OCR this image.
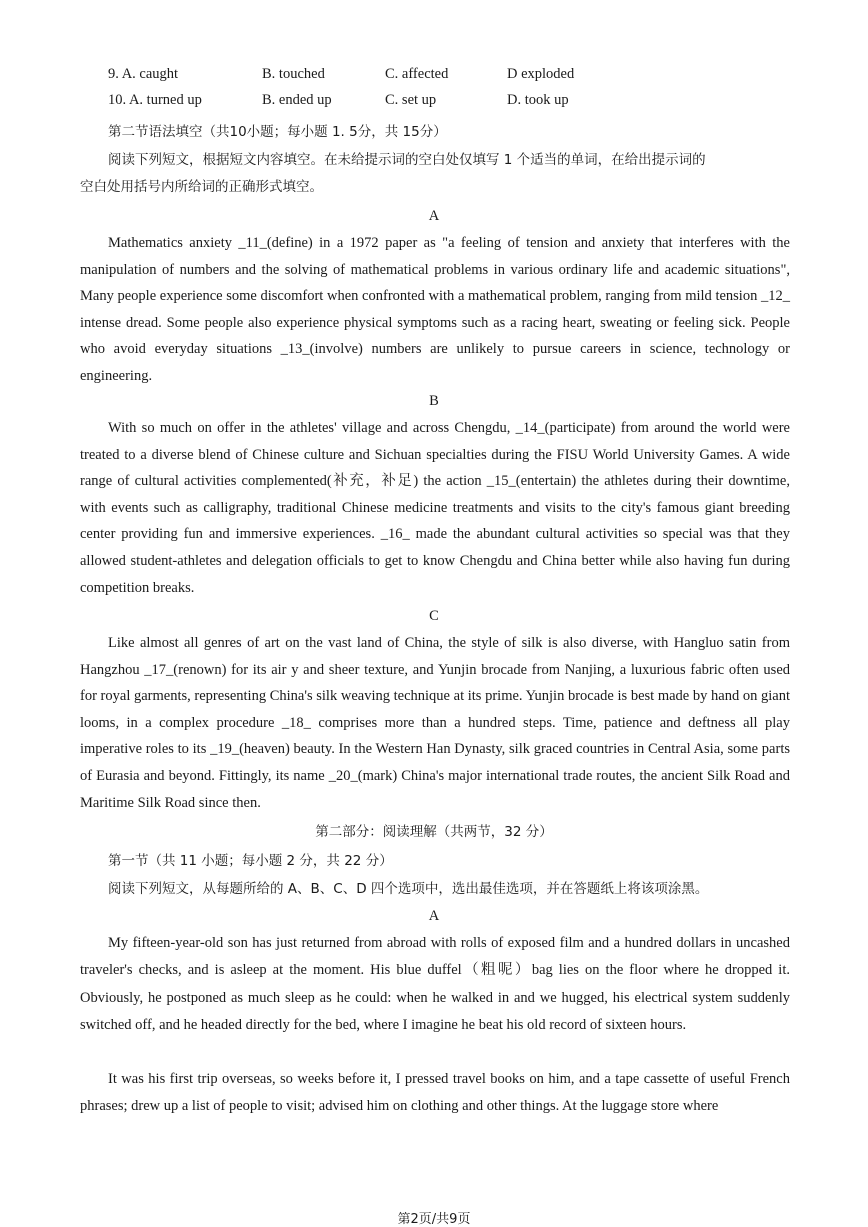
9. A. caught	B. touched	C. affected	D exploded
10. A. turned up	B. ended up	C. set up	D. took up
第二节语法填空（共10小题；每小题 1. 5分，共 15分）
阅读下列短文，根据短文内容填空。在未给提示词的空白处仅填写 1 个适当的单词，在给出提示词的
空白处用括号内所给词的正确形式填空。
A

Mathematics anxiety _11_(define) in a 1972 paper as "a feeling of tension and anxiety that interferes with the manipulation of numbers and the solving of mathematical problems in various ordinary life and academic situations", Many people experience some discomfort when confronted with a mathematical problem, ranging from mild tension _12_ intense dread. Some people also experience physical symptoms such as a racing heart, sweating or feeling sick. People who avoid everyday situations _13_(involve) numbers are unlikely to pursue careers in science, technology or engineering.

B

With so much on offer in the athletes' village and across Chengdu, _14_(participate) from around the world were treated to a diverse blend of Chinese culture and Sichuan specialties during the FISU World University Games. A wide range of cultural activities complemented(补充，补足) the action _15_(entertain) the athletes during their downtime, with events such as calligraphy, traditional Chinese medicine treatments and visits to the city's famous giant breeding center providing fun and immersive experiences. _16_ made the abundant cultural activities so special was that they allowed student-athletes and delegation officials to get to know Chengdu and China better while also having fun during competition breaks.

C

Like almost all genres of art on the vast land of China, the style of silk is also diverse, with Hangluo satin from Hangzhou _17_(renown) for its air y and sheer texture, and Yunjin brocade from Nanjing, a luxurious fabric often used for royal garments, representing China's silk weaving technique at its prime. Yunjin brocade is best made by hand on giant looms, in a complex procedure _18_ comprises more than a hundred steps. Time, patience and deftness all play imperative roles to its _19_(heaven) beauty. In the Western Han Dynasty, silk graced countries in Central Asia, some parts of Eurasia and beyond. Fittingly, its name _20_(mark) China's major international trade routes, the ancient Silk Road and Maritime Silk Road since then.

第二部分：阅读理解（共两节，32 分）
第一节（共 11 小题；每小题 2 分，共 22 分）
阅读下列短文，从每题所给的 A、B、C、D 四个选项中，选出最佳选项，并在答题纸上将该项涂黑。
A

My fifteen-year-old son has just returned from abroad with rolls of exposed film and a hundred dollars in uncashed traveler's checks, and is asleep at the moment. His blue duffel（粗呢）bag lies on the floor where he dropped it. Obviously, he postponed as much sleep as he could: when he walked in and we hugged, his electrical system suddenly switched off, and he headed directly for the bed, where I imagine he beat his old record of sixteen hours.

It was his first trip overseas, so weeks before it, I pressed travel books on him, and a tape cassette of useful French phrases; drew up a list of people to visit; advised him on clothing and other things. At the luggage store where

第2页/共9页
